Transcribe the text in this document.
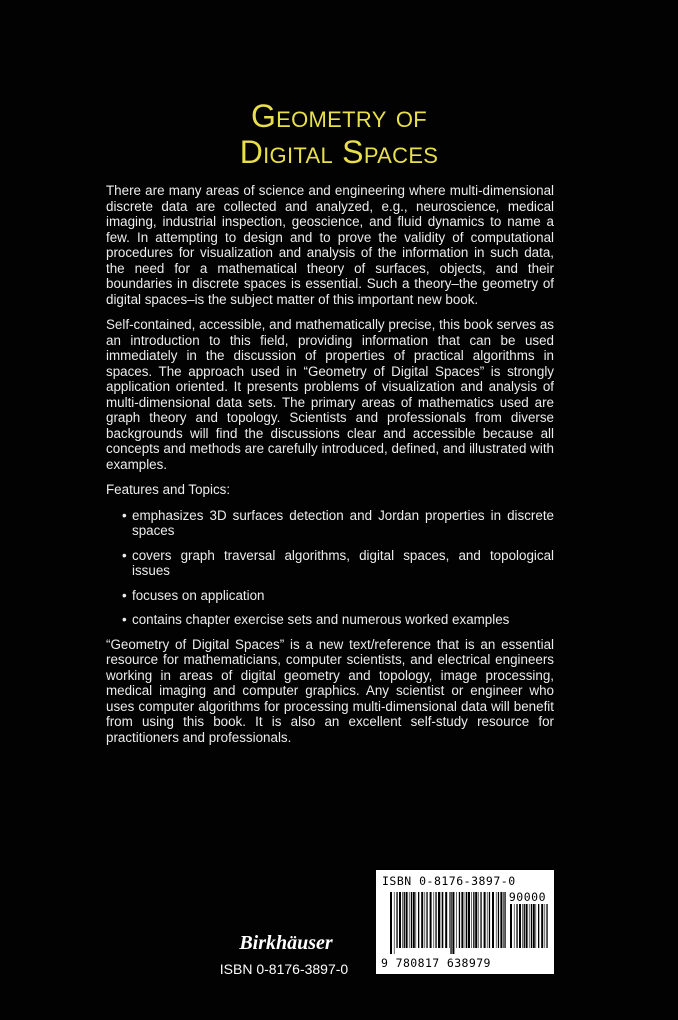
Geometry of
Digital Spaces

There are many areas of science and engineering where multi-dimensional discrete data are collected and analyzed, e.g., neuroscience, medical imaging, industrial inspection, geoscience, and fluid dynamics to name a few. In attempting to design and to prove the validity of computational procedures for visualization and analysis of the information in such data, the need for a mathematical theory of surfaces, objects, and their boundaries in discrete spaces is essential. Such a theory–the geometry of digital spaces–is the subject matter of this important new book.

Self-contained, accessible, and mathematically precise, this book serves as an introduction to this field, providing information that can be used immediately in the discussion of properties of practical algorithms in spaces. The approach used in “Geometry of Digital Spaces” is strongly application oriented. It presents problems of visualization and analysis of multi-dimensional data sets. The primary areas of mathematics used are graph theory and topology. Scientists and professionals from diverse backgrounds will find the discussions clear and accessible because all concepts and methods are carefully introduced, defined, and illustrated with examples.

Features and Topics:

• emphasizes 3D surfaces detection and Jordan properties in discrete spaces
• covers graph traversal algorithms, digital spaces, and topological issues
• focuses on application
• contains chapter exercise sets and numerous worked examples

“Geometry of Digital Spaces” is a new text/reference that is an essential resource for mathematicians, computer scientists, and electrical engineers working in areas of digital geometry and topology, image processing, medical imaging and computer graphics. Any scientist or engineer who uses computer algorithms for processing multi-dimensional data will benefit from using this book. It is also an excellent self-study resource for practitioners and professionals.

Birkhäuser
ISBN 0-8176-3897-0
ISBN 0-8176-3897-0
90000
9 780817 638979
